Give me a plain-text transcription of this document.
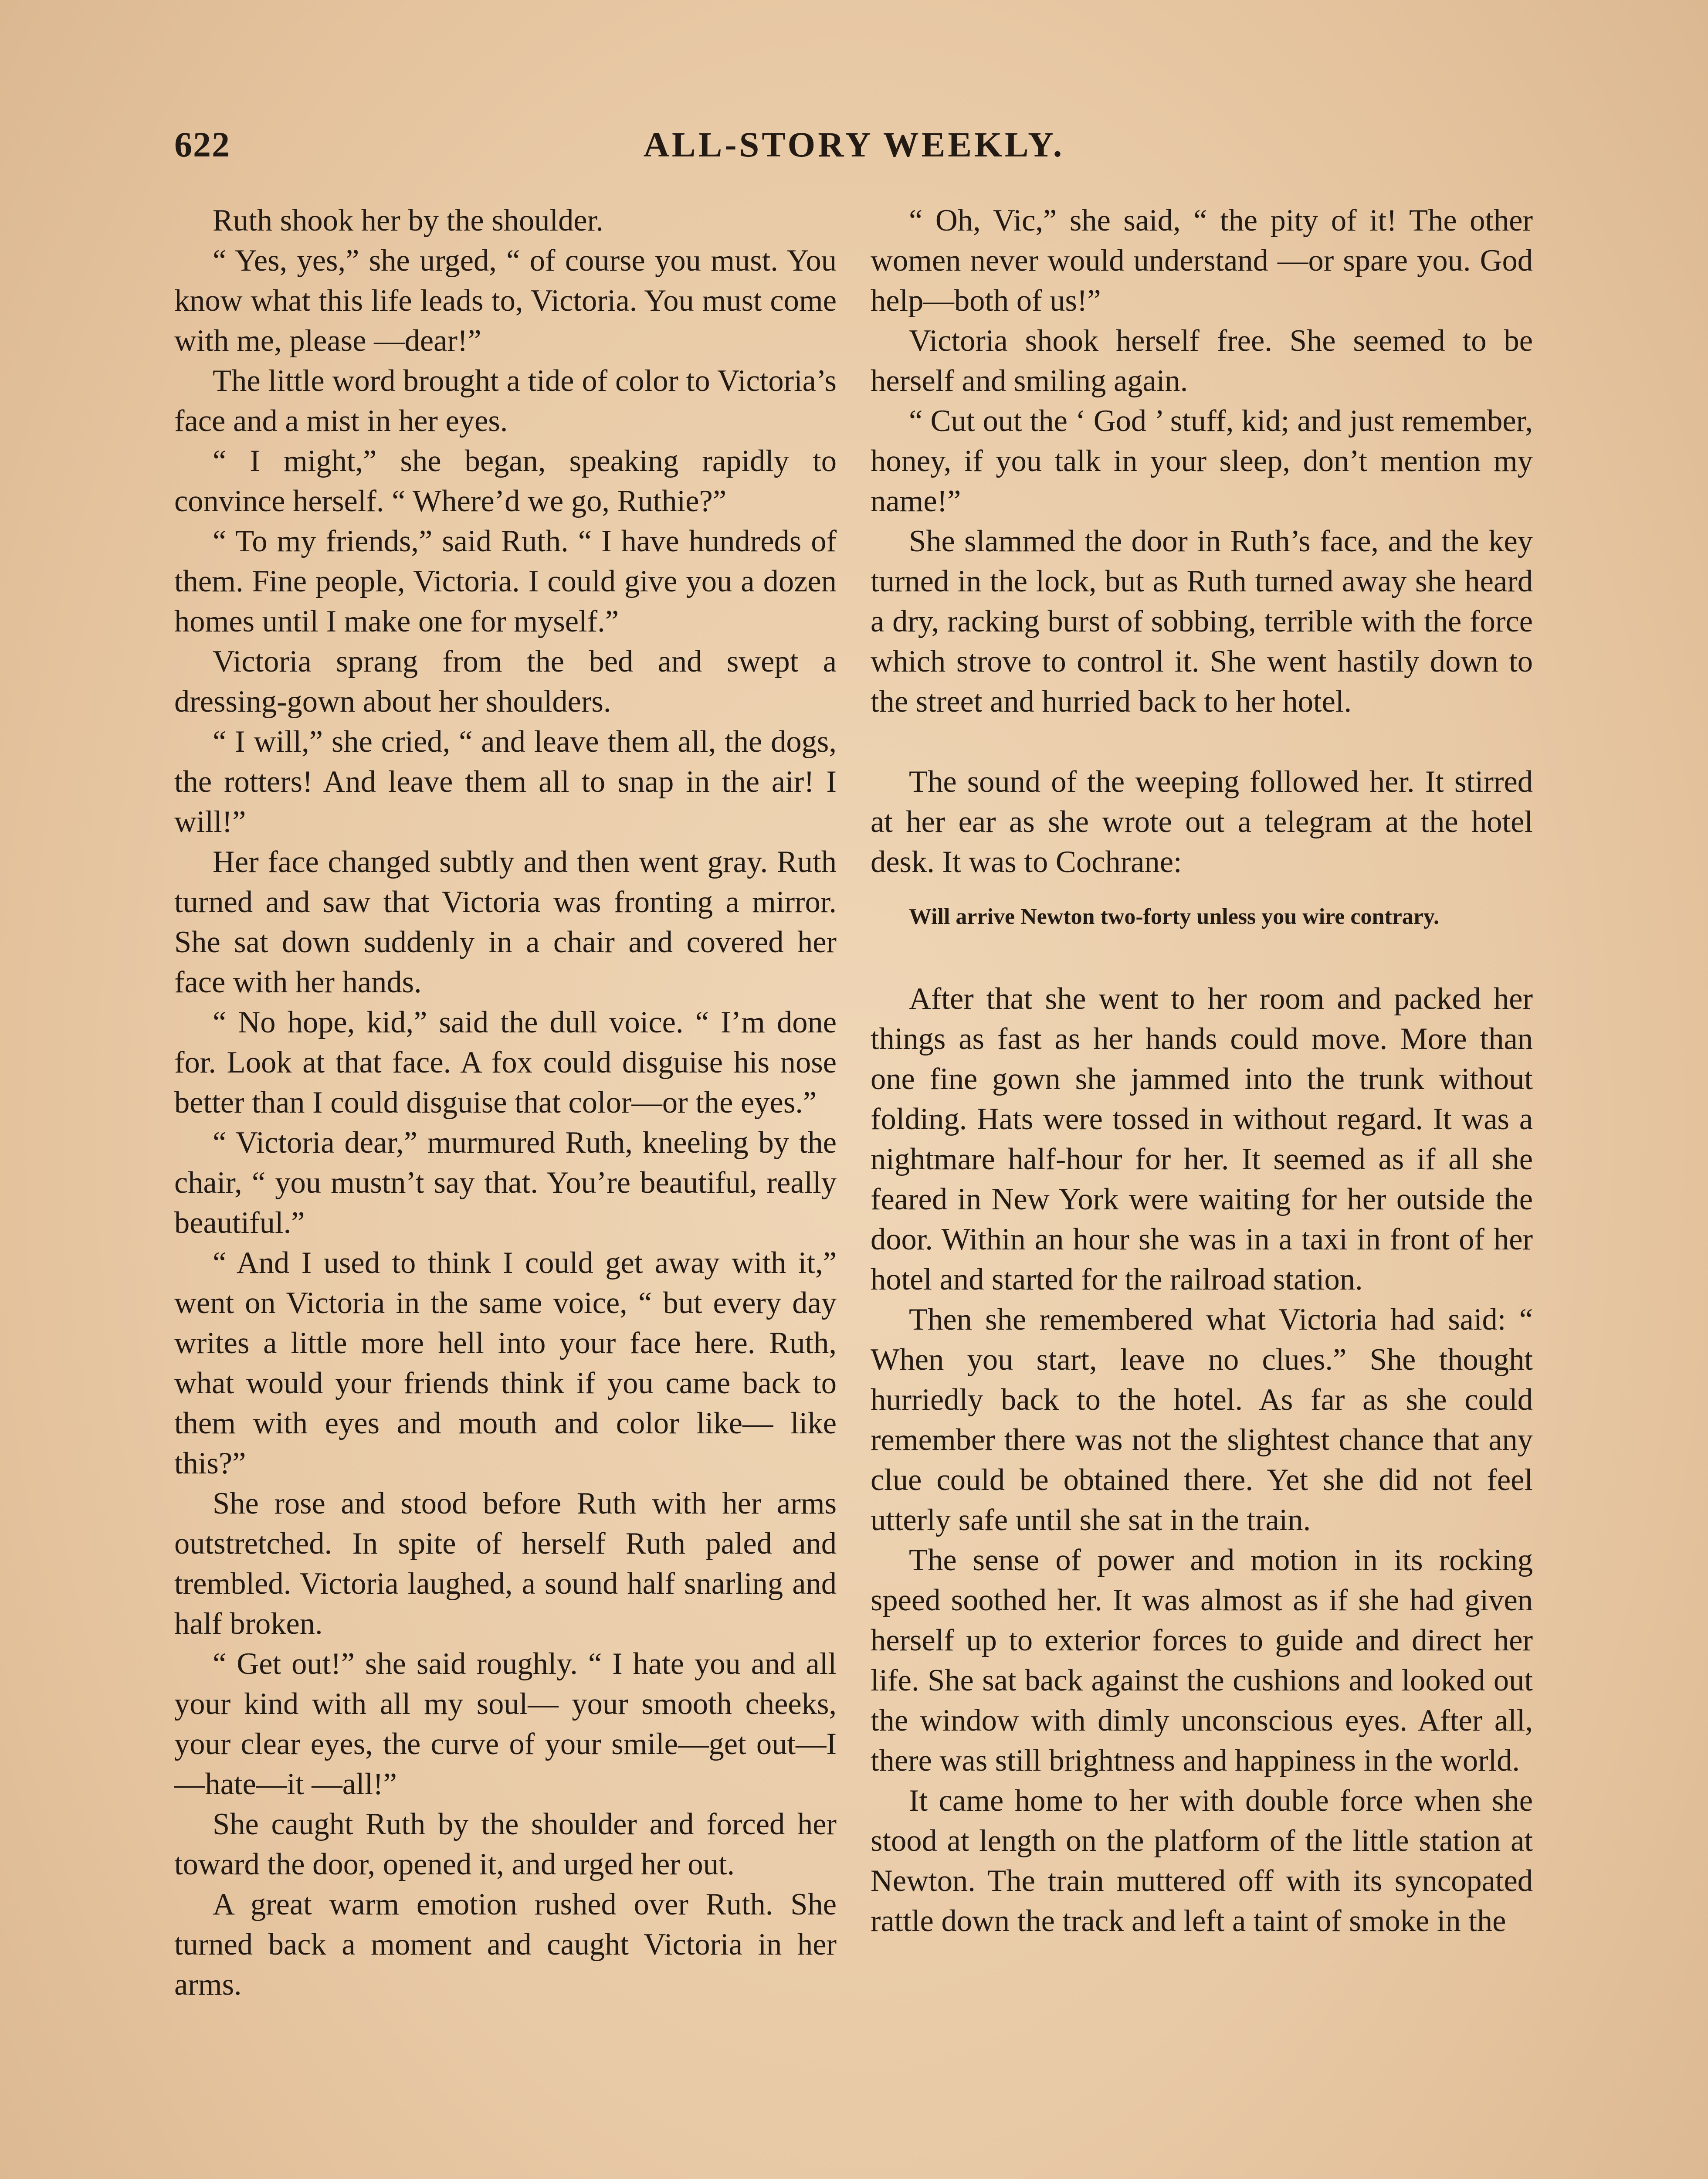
622	ALL-STORY WEEKLY.

Ruth shook her by the shoulder.

“ Yes, yes,” she urged, “ of course you must. You know what this life leads to, Victoria. You must come with me, please —dear!”

The little word brought a tide of color to Victoria’s face and a mist in her eyes.

“ I might,” she began, speaking rapidly to convince herself. “ Where’d we go, Ruthie?”

“ To my friends,” said Ruth. “ I have hundreds of them. Fine people, Victoria. I could give you a dozen homes until I make one for myself.”

Victoria sprang from the bed and swept a dressing-gown about her shoulders.

“ I will,” she cried, “ and leave them all, the dogs, the rotters! And leave them all to snap in the air! I will!”

Her face changed subtly and then went gray. Ruth turned and saw that Victoria was fronting a mirror. She sat down suddenly in a chair and covered her face with her hands.

“ No hope, kid,” said the dull voice. “ I’m done for. Look at that face. A fox could disguise his nose better than I could disguise that color—or the eyes.”

“ Victoria dear,” murmured Ruth, kneeling by the chair, “ you mustn’t say that. You’re beautiful, really beautiful.”

“ And I used to think I could get away with it,” went on Victoria in the same voice, “ but every day writes a little more hell into your face here. Ruth, what would your friends think if you came back to them with eyes and mouth and color like— like this?”

She rose and stood before Ruth with her arms outstretched. In spite of herself Ruth paled and trembled. Victoria laughed, a sound half snarling and half broken.

“ Get out!” she said roughly. “ I hate you and all your kind with all my soul— your smooth cheeks, your clear eyes, the curve of your smile—get out—I—hate—it —all!”

She caught Ruth by the shoulder and forced her toward the door, opened it, and urged her out.

A great warm emotion rushed over Ruth. She turned back a moment and caught Victoria in her arms.

“ Oh, Vic,” she said, “ the pity of it! The other women never would understand —or spare you. God help—both of us!”

Victoria shook herself free. She seemed to be herself and smiling again.

“ Cut out the ‘ God ’ stuff, kid; and just remember, honey, if you talk in your sleep, don’t mention my name!”

She slammed the door in Ruth’s face, and the key turned in the lock, but as Ruth turned away she heard a dry, racking burst of sobbing, terrible with the force which strove to control it. She went hastily down to the street and hurried back to her hotel.

The sound of the weeping followed her. It stirred at her ear as she wrote out a telegram at the hotel desk. It was to Cochrane:

Will arrive Newton two-forty unless you wire contrary.

After that she went to her room and packed her things as fast as her hands could move. More than one fine gown she jammed into the trunk without folding. Hats were tossed in without regard. It was a nightmare half-hour for her. It seemed as if all she feared in New York were waiting for her outside the door. Within an hour she was in a taxi in front of her hotel and started for the railroad station.

Then she remembered what Victoria had said: “ When you start, leave no clues.” She thought hurriedly back to the hotel. As far as she could remember there was not the slightest chance that any clue could be obtained there. Yet she did not feel utterly safe until she sat in the train.

The sense of power and motion in its rocking speed soothed her. It was almost as if she had given herself up to exterior forces to guide and direct her life. She sat back against the cushions and looked out the window with dimly unconscious eyes. After all, there was still brightness and happiness in the world.

It came home to her with double force when she stood at length on the platform of the little station at Newton. The train muttered off with its syncopated rattle down the track and left a taint of smoke in the
